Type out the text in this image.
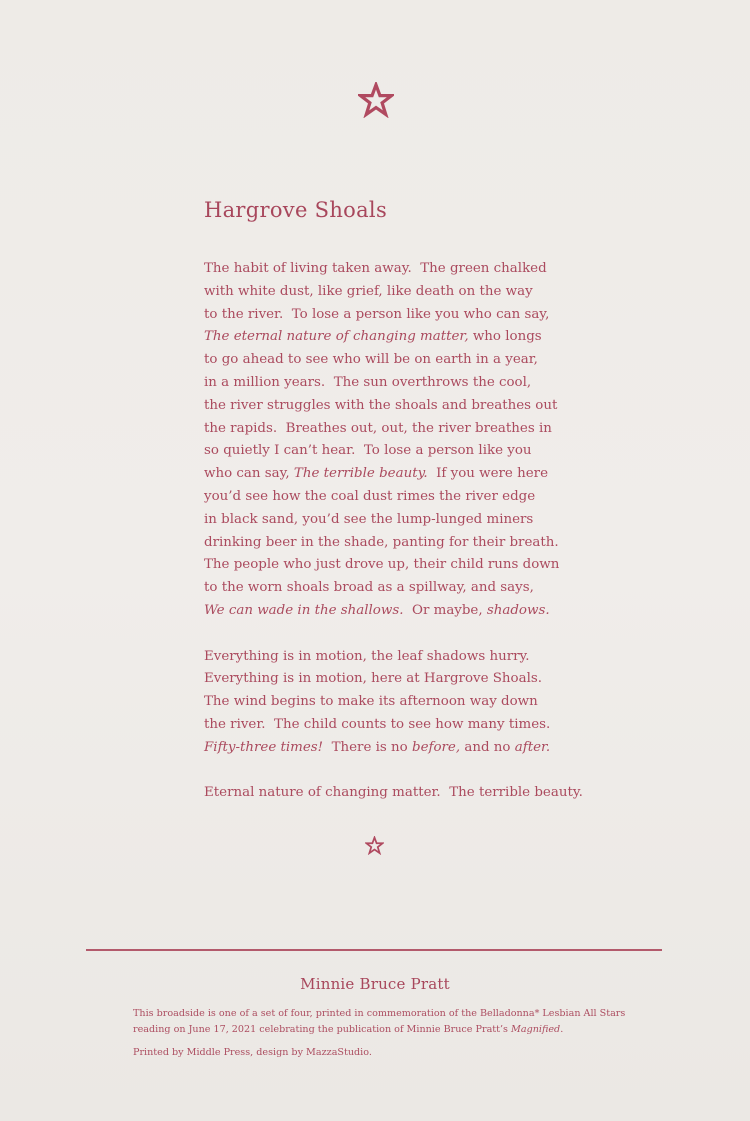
Hargrove Shoals
The habit of living taken away.  The green chalked
with white dust, like grief, like death on the way
to the river.  To lose a person like you who can say,
The eternal nature of changing matter, who longs
to go ahead to see who will be on earth in a year,
in a million years.  The sun overthrows the cool,
the river struggles with the shoals and breathes out
the rapids.  Breathes out, out, the river breathes in
so quietly I can’t hear.  To lose a person like you
who can say, The terrible beauty.  If you were here
you’d see how the coal dust rimes the river edge
in black sand, you’d see the lump-lunged miners
drinking beer in the shade, panting for their breath.
The people who just drove up, their child runs down
to the worn shoals broad as a spillway, and says,
We can wade in the shallows.  Or maybe, shadows.
Everything is in motion, the leaf shadows hurry.
Everything is in motion, here at Hargrove Shoals.
The wind begins to make its afternoon way down
the river.  The child counts to see how many times.
Fifty-three times!  There is no before, and no after.
Eternal nature of changing matter.  The terrible beauty.
Minnie Bruce Pratt

This broadside is one of a set of four, printed in commemoration of the Belladonna* Lesbian All Stars
reading on June 17, 2021 celebrating the publication of Minnie Bruce Pratt’s Magnified.

Printed by Middle Press, design by MazzaStudio.
